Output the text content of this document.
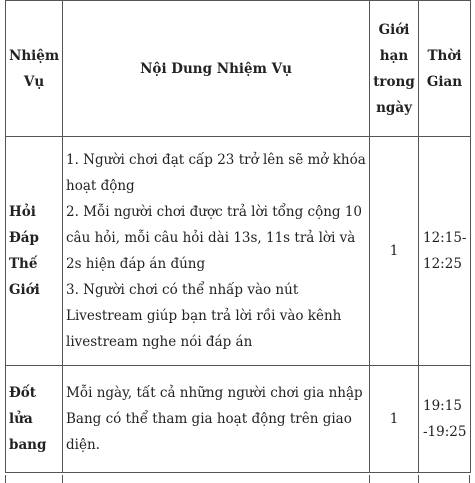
Nhiệm Vụ	Nội Dung Nhiệm Vụ	Giới hạn trong ngày	Thời Gian
Hỏi Đáp Thế Giới	1. Người chơi đạt cấp 23 trở lên sẽ mở khóa hoạt động

2. Mỗi người chơi được trả lời tổng cộng 10 câu hỏi, mỗi câu hỏi dài 13s, 11s trả lời và 2s hiện đáp án đúng

3. Người chơi có thể nhấp vào nút Livestream giúp bạn trả lời rồi vào kênh livestream nghe nói đáp án	1	12:15-12:25
Đốt lửa bang	Mỗi ngày, tất cả những người chơi gia nhập Bang có thể tham gia hoạt động trên giao diện.	1	19:15 -19:25
